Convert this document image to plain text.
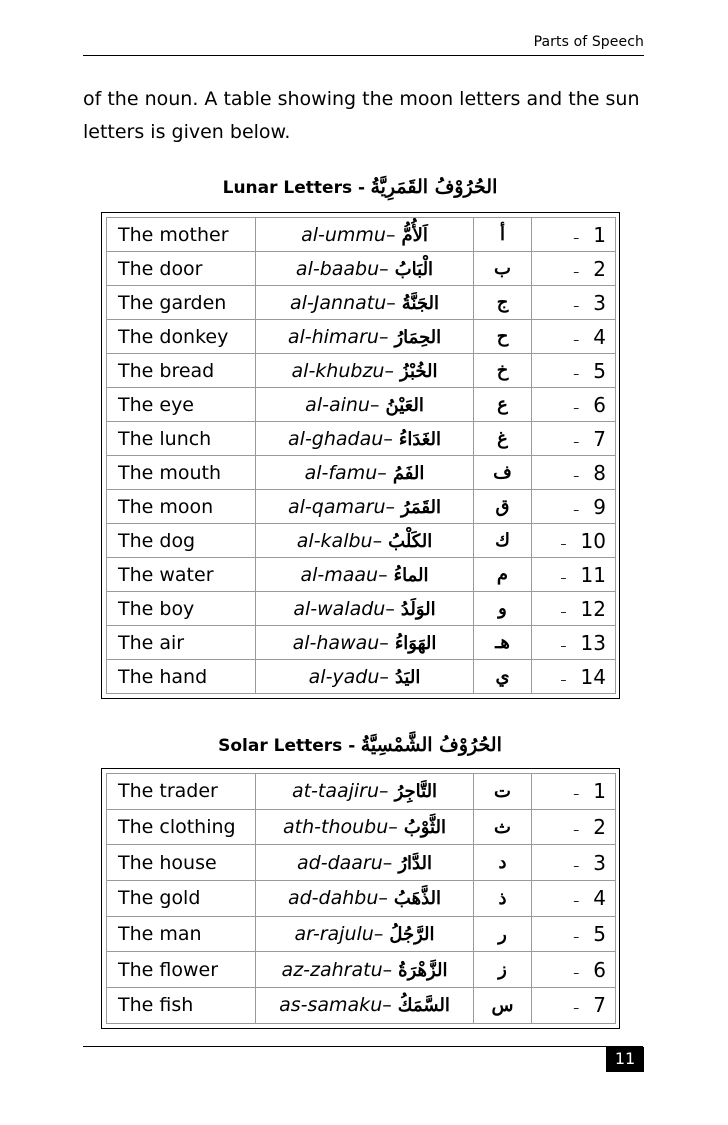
Parts of Speech

of the noun. A table showing the moon letters and the sun letters is given below.

Lunar Letters - الحُرُوْفُ القَمَرِيَّةُ
The mother	al-ummu– اَلأُمُّ	أ	– 1
The door	al-baabu– الْبَابُ	ب	– 2
The garden	al-Jannatu– الجَنَّةُ	ج	– 3
The donkey	al-himaru– الحِمَارُ	ح	– 4
The bread	al-khubzu– الخُبْزُ	خ	– 5
The eye	al-ainu– العَيْنُ	ع	– 6
The lunch	al-ghadau– الغَدَاءُ	غ	– 7
The mouth	al-famu– الفَمُ	ف	– 8
The moon	al-qamaru– القَمَرُ	ق	– 9
The dog	al-kalbu– الكَلْبُ	ك	– 10
The water	al-maau– الماءُ	م	– 11
The boy	al-waladu– الوَلَدُ	و	– 12
The air	al-hawau– الهَوَاءُ	هـ	– 13
The hand	al-yadu– اليَدُ	ي	– 14
Solar Letters - الحُرُوْفُ الشَّمْسِيَّةُ
The trader	at-taajiru– التَّاجِرُ	ت	– 1
The clothing	ath-thoubu– الثَّوْبُ	ث	– 2
The house	ad-daaru– الدَّارُ	د	– 3
The gold	ad-dahbu– الذَّهَبُ	ذ	– 4
The man	ar-rajulu– الرَّجُلُ	ر	– 5
The flower	az-zahratu– الزَّهْرَةُ	ز	– 6
The fish	as-samaku– السَّمَكُ	س	– 7
11
